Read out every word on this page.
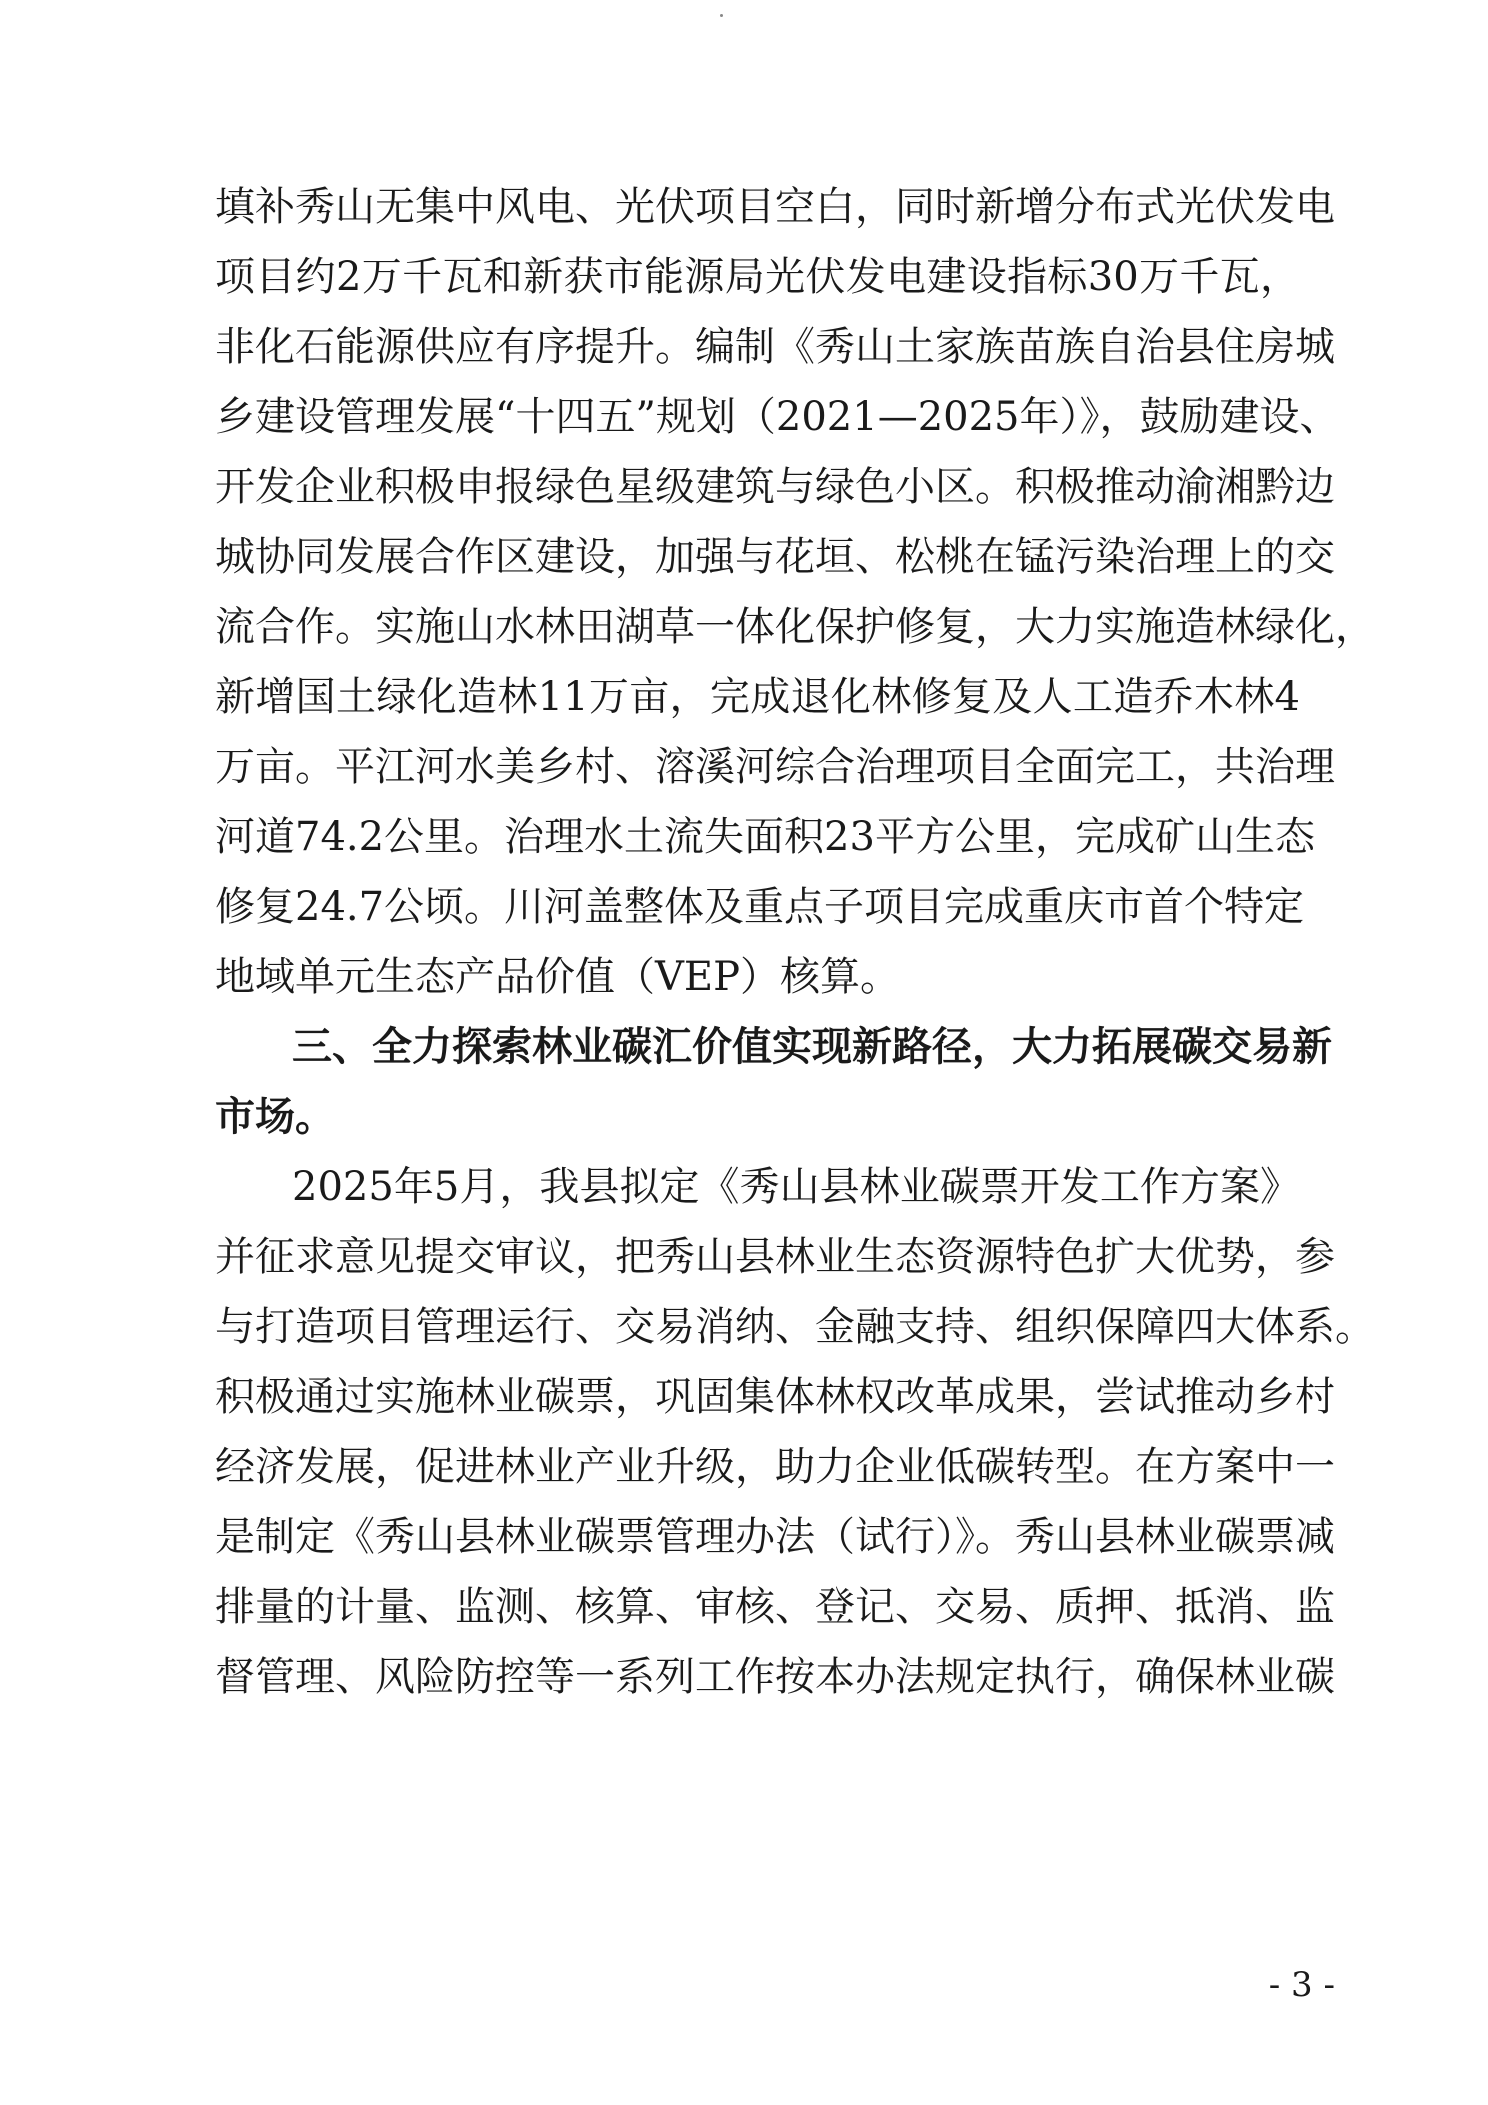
填补秀山无集中风电、光伏项目空白，同时新增分布式光伏发电
项目约2万千瓦和新获市能源局光伏发电建设指标30万千瓦，
非化石能源供应有序提升。编制《秀山土家族苗族自治县住房城
乡建设管理发展“十四五”规划（2021—2025年）》，鼓励建设、
开发企业积极申报绿色星级建筑与绿色小区。积极推动渝湘黔边
城协同发展合作区建设，加强与花垣、松桃在锰污染治理上的交
流合作。实施山水林田湖草一体化保护修复，大力实施造林绿化，
新增国土绿化造林11万亩，完成退化林修复及人工造乔木林4
万亩。平江河水美乡村、溶溪河综合治理项目全面完工，共治理
河道74.2公里。治理水土流失面积23平方公里，完成矿山生态
修复24.7公顷。川河盖整体及重点子项目完成重庆市首个特定
地域单元生态产品价值（VEP）核算。
三、全力探索林业碳汇价值实现新路径，大力拓展碳交易新
市场。
2025年5月，我县拟定《秀山县林业碳票开发工作方案》
并征求意见提交审议，把秀山县林业生态资源特色扩大优势，参
与打造项目管理运行、交易消纳、金融支持、组织保障四大体系。
积极通过实施林业碳票，巩固集体林权改革成果，尝试推动乡村
经济发展，促进林业产业升级，助力企业低碳转型。在方案中一
是制定《秀山县林业碳票管理办法（试行）》。秀山县林业碳票减
排量的计量、监测、核算、审核、登记、交易、质押、抵消、监
督管理、风险防控等一系列工作按本办法规定执行，确保林业碳
- 3 -
